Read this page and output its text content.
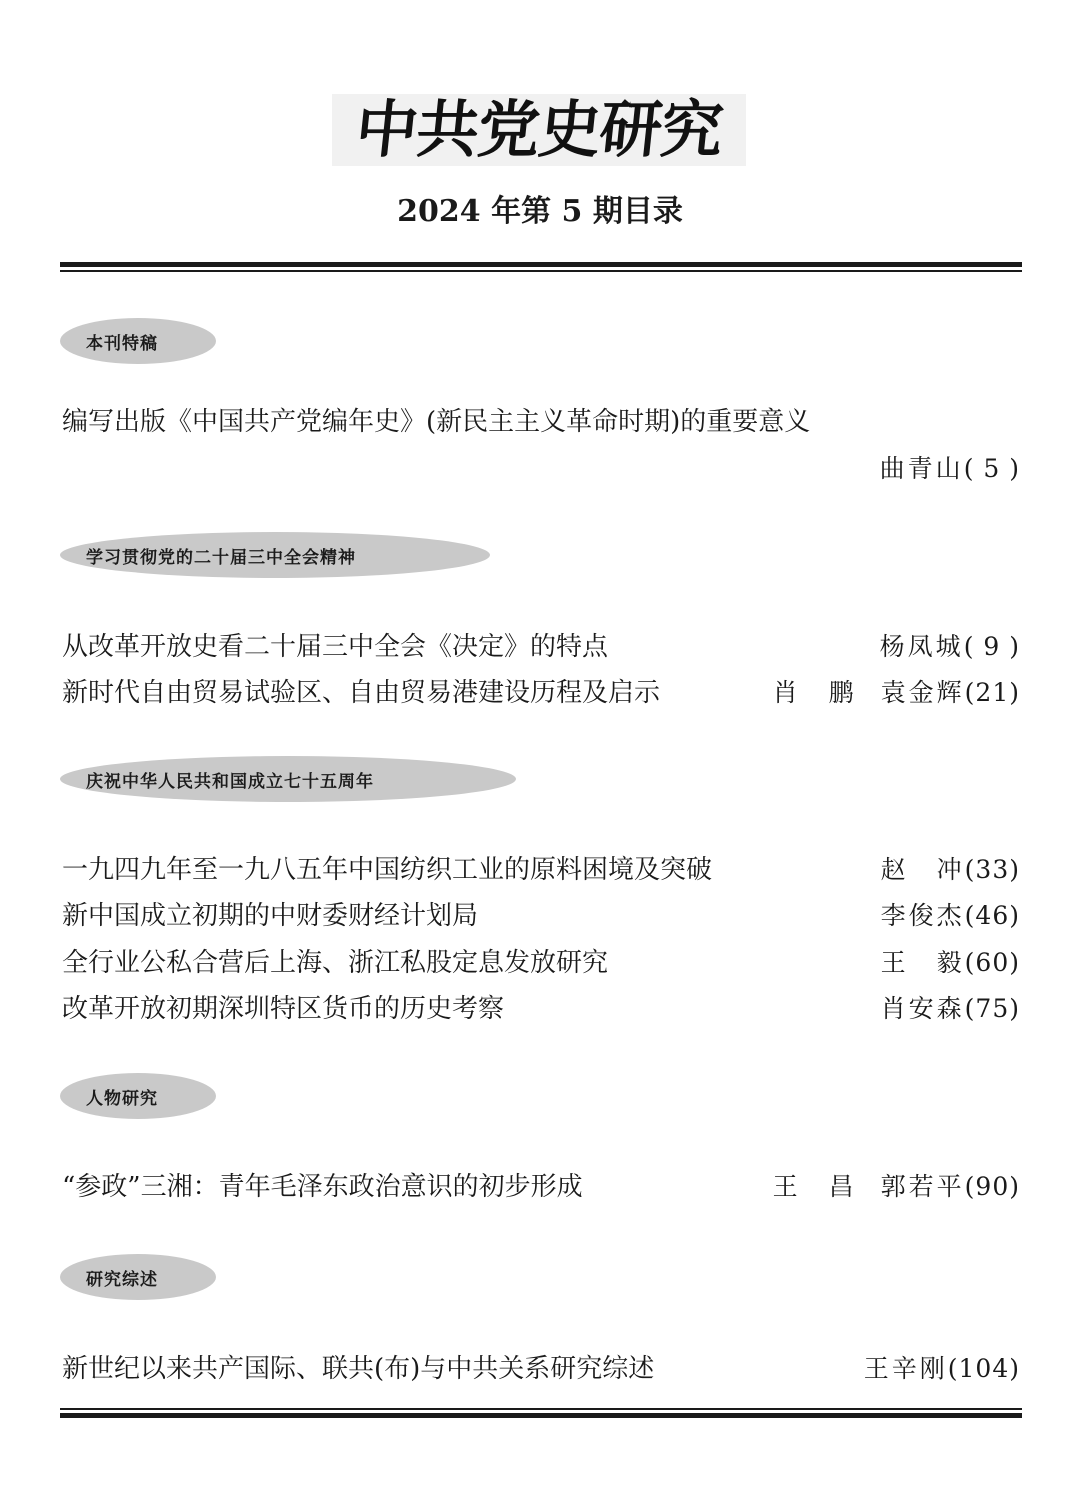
中共党史研究
2024 年第 5 期目录
本刊特稿
编写出版《中国共产党编年史》(新民主主义革命时期)的重要意义
曲青山 ( 5 )
学习贯彻党的二十届三中全会精神
从改革开放史看二十届三中全会《决定》的特点	杨凤城 ( 9 )
新时代自由贸易试验区、自由贸易港建设历程及启示	肖　鹏 袁金辉 (21)
庆祝中华人民共和国成立七十五周年
一九四九年至一九八五年中国纺织工业的原料困境及突破	赵　冲 (33)
新中国成立初期的中财委财经计划局	李俊杰 (46)
全行业公私合营后上海、浙江私股定息发放研究	王　毅 (60)
改革开放初期深圳特区货币的历史考察	肖安森 (75)
人物研究
“参政”三湘：青年毛泽东政治意识的初步形成	王　昌 郭若平 (90)
研究综述
新世纪以来共产国际、联共(布)与中共关系研究综述	王辛刚 (104)
